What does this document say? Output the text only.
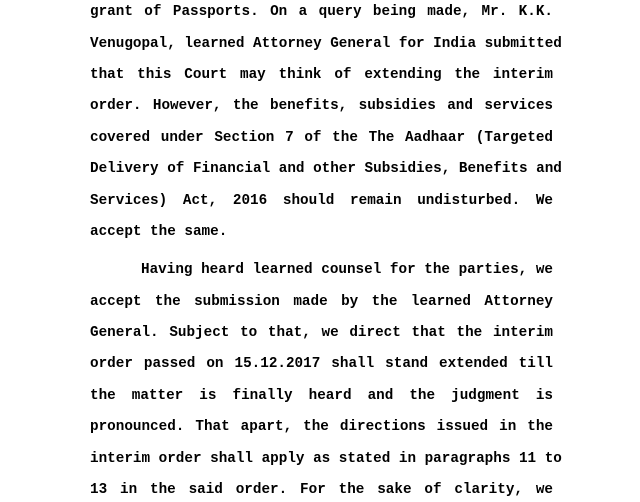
grant of Passports. On a query being made, Mr. K.K.
Venugopal, learned Attorney General for India submitted
that this Court may think of extending the interim
order. However, the benefits, subsidies and services
covered under Section 7 of the The Aadhaar (Targeted
Delivery of Financial and other Subsidies, Benefits and
Services) Act, 2016 should remain undisturbed. We
accept the same.
Having heard learned counsel for the parties, we
accept the submission made by the learned Attorney
General. Subject to that, we direct that the interim
order passed on 15.12.2017 shall stand extended till
the matter is finally heard and the judgment is
pronounced. That apart, the directions issued in the
interim order shall apply as stated in paragraphs 11 to
13 in the said order. For the sake of clarity, we
